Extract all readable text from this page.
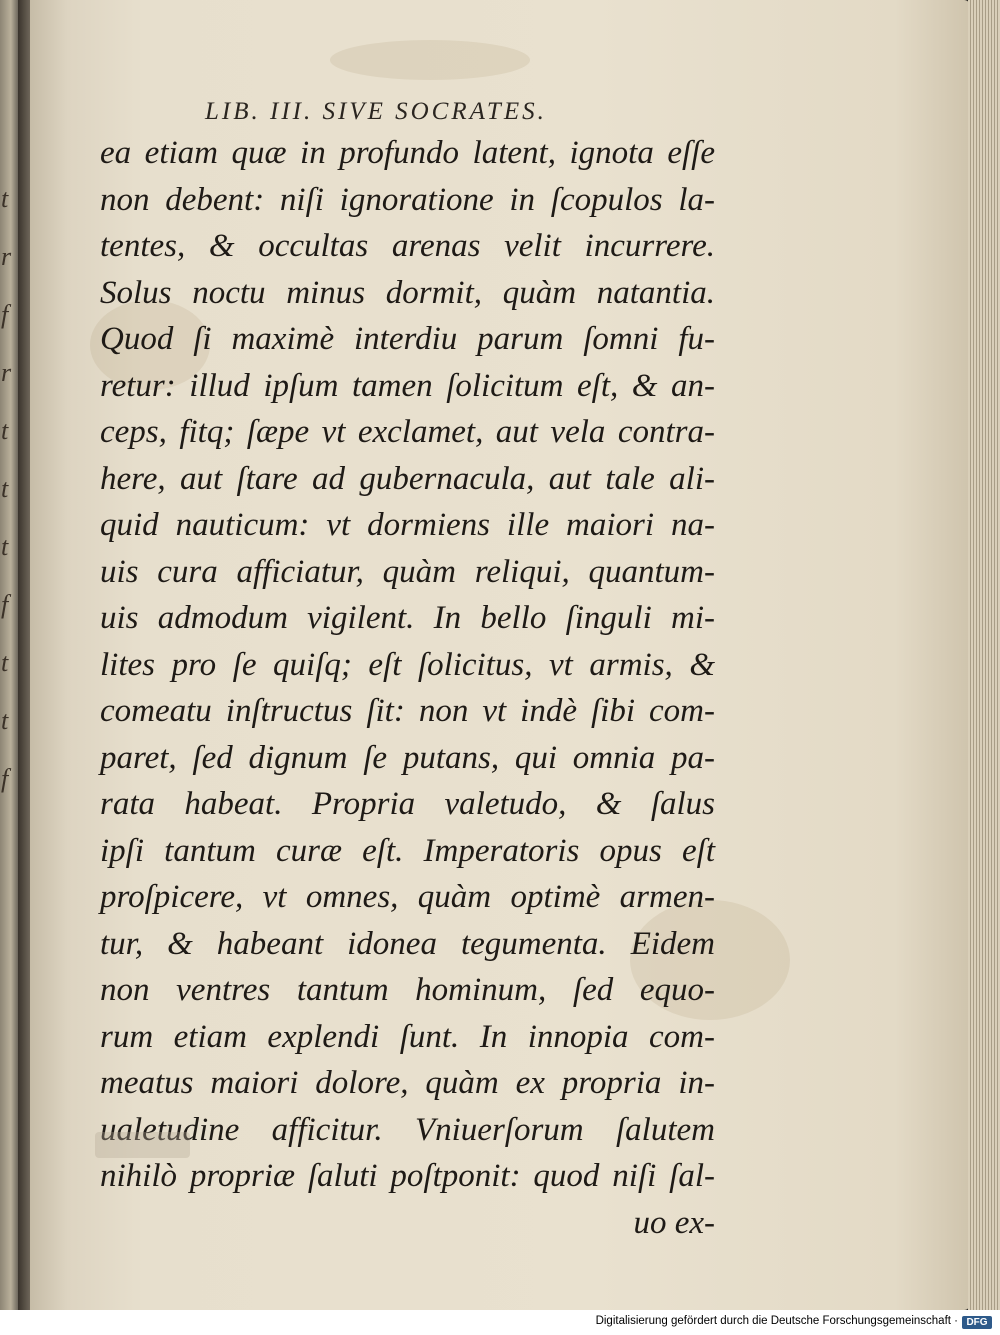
t
r
f
r
t
t
t
f
t
t
f
LIB. III. SIVE SOCRATES.
ea etiam quæ in profundo latent, ignota eſſe
non debent: niſi ignoratione in ſcopulos la-
tentes, & occultas arenas velit incurrere.
Solus noctu minus dormit, quàm natantia.
Quod ſi maximè interdiu parum ſomni fu-
retur: illud ipſum tamen ſolicitum eſt, & an-
ceps, fitq; ſæpe vt exclamet, aut vela contra-
here, aut ſtare ad gubernacula, aut tale ali-
quid nauticum: vt dormiens ille maiori na-
uis cura afficiatur, quàm reliqui, quantum-
uis admodum vigilent. In bello ſinguli mi-
lites pro ſe quiſq; eſt ſolicitus, vt armis, &
comeatu inſtructus ſit: non vt indè ſibi com-
paret, ſed dignum ſe putans, qui omnia pa-
rata habeat. Propria valetudo, & ſalus
ipſi tantum curæ eſt. Imperatoris opus eſt
proſpicere, vt omnes, quàm optimè armen-
tur, & habeant idonea tegumenta. Eidem
non ventres tantum hominum, ſed equo-
rum etiam explendi ſunt. In innopia com-
meatus maiori dolore, quàm ex propria in-
ualetudine afficitur. Vniuerſorum ſalutem
nihilò propriæ ſaluti poſtponit: quod niſi ſal-
uo ex-
Digitalisierung gefördert durch die Deutsche Forschungsgemeinschaft · DFG
